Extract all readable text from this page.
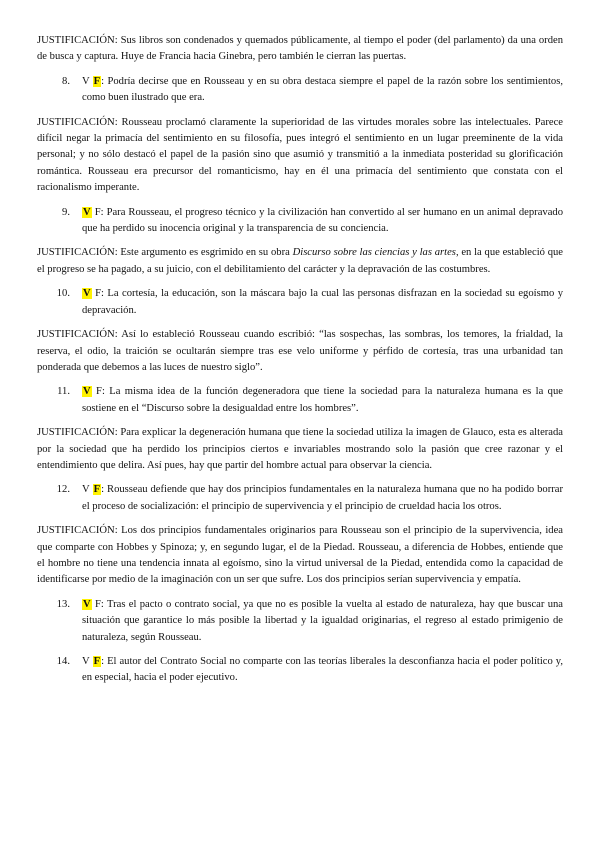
JUSTIFICACIÓN: Sus libros son condenados y quemados públicamente, al tiempo el poder (del parlamento) da una orden de busca y captura. Huye de Francia hacia Ginebra, pero también le cierran las puertas.

8. V F: Podría decirse que en Rousseau y en su obra destaca siempre el papel de la razón sobre los sentimientos, como buen ilustrado que era.

JUSTIFICACIÓN: Rousseau proclamó claramente la superioridad de las virtudes morales sobre las intelectuales. Parece difícil negar la primacía del sentimiento en su filosofía, pues integró el sentimiento en un lugar preeminente de la vida personal; y no sólo destacó el papel de la pasión sino que asumió y transmitió a la inmediata posteridad su glorificación romántica. Rousseau era precursor del romanticismo, hay en él una primacía del sentimiento que constata con el racionalismo imperante.

9. V F: Para Rousseau, el progreso técnico y la civilización han convertido al ser humano en un animal depravado que ha perdido su inocencia original y la transparencia de su conciencia.

JUSTIFICACIÓN: Este argumento es esgrimido en su obra Discurso sobre las ciencias y las artes, en la que estableció que el progreso se ha pagado, a su juicio, con el debilitamiento del carácter y la depravación de las costumbres.

10. V F: La cortesía, la educación, son la máscara bajo la cual las personas disfrazan en la sociedad su egoísmo y depravación.

JUSTIFICACIÓN: Así lo estableció Rousseau cuando escribió: “las sospechas, las sombras, los temores, la frialdad, la reserva, el odio, la traición se ocultarán siempre tras ese velo uniforme y pérfido de cortesía, tras una urbanidad tan ponderada que debemos a las luces de nuestro siglo”.

11. V F: La misma idea de la función degeneradora que tiene la sociedad para la naturaleza humana es la que sostiene en el “Discurso sobre la desigualdad entre los hombres”.

JUSTIFICACIÓN: Para explicar la degeneración humana que tiene la sociedad utiliza la imagen de Glauco, esta es alterada por la sociedad que ha perdido los principios ciertos e invariables mostrando solo la pasión que cree razonar y el entendimiento que delira. Así pues, hay que partir del hombre actual para observar la ciencia.

12. V F: Rousseau defiende que hay dos principios fundamentales en la naturaleza humana que no ha podido borrar el proceso de socialización: el principio de supervivencia y el principio de crueldad hacia los otros.

JUSTIFICACIÓN: Los dos principios fundamentales originarios para Rousseau son el principio de la supervivencia, idea que comparte con Hobbes y Spinoza; y, en segundo lugar, el de la Piedad. Rousseau, a diferencia de Hobbes, entiende que el hombre no tiene una tendencia innata al egoísmo, sino la virtud universal de la Piedad, entendida como la capacidad de identificarse por medio de la imaginación con un ser que sufre. Los dos principios serían supervivencia y empatía.

13. V F: Tras el pacto o contrato social, ya que no es posible la vuelta al estado de naturaleza, hay que buscar una situación que garantice lo más posible la libertad y la igualdad originarias, el regreso al estado primigenio de naturaleza, según Rousseau.
14. V F: El autor del Contrato Social no comparte con las teorías liberales la desconfianza hacia el poder político y, en especial, hacia el poder ejecutivo.
